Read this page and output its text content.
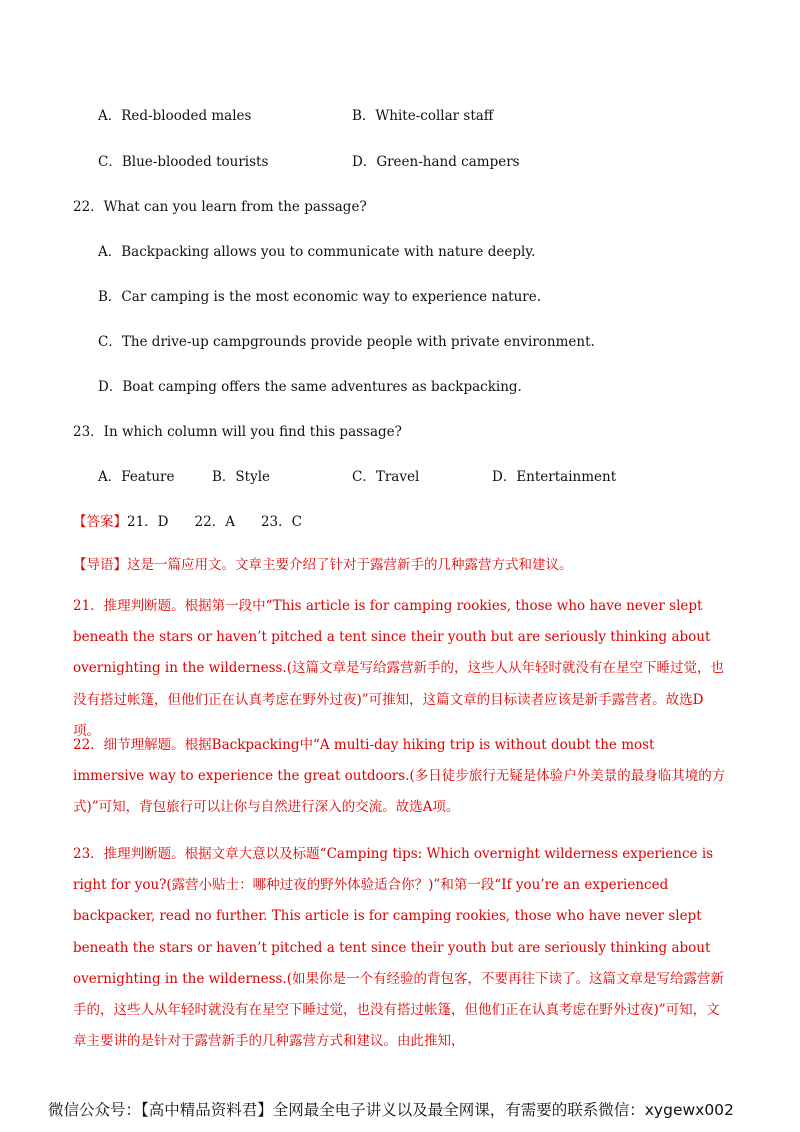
A．Red-blooded males	B．White-collar staff
C．Blue-blooded tourists	D．Green-hand campers
22．What can you learn from the passage?
A．Backpacking allows you to communicate with nature deeply.
B．Car camping is the most economic way to experience nature.
C．The drive-up campgrounds provide people with private environment.
D．Boat camping offers the same adventures as backpacking.
23．In which column will you find this passage?
A．Feature	B．Style	C．Travel	D．Entertainment
【答案】21．D 22．A 23．C
【导语】这是一篇应用文。文章主要介绍了针对于露营新手的几种露营方式和建议。
21．推理判断题。根据第一段中“This article is for camping rookies, those who have never slept beneath the stars or haven’t pitched a tent since their youth but are seriously thinking about overnighting in the wilderness.(这篇文章是写给露营新手的，这些人从年轻时就没有在星空下睡过觉，也没有搭过帐篷，但他们正在认真考虑在野外过夜)”可推知，这篇文章的目标读者应该是新手露营者。故选D项。
22．细节理解题。根据Backpacking中“A multi-day hiking trip is without doubt the most immersive way to experience the great outdoors.(多日徒步旅行无疑是体验户外美景的最身临其境的方式)”可知，背包旅行可以让你与自然进行深入的交流。故选A项。
23．推理判断题。根据文章大意以及标题“Camping tips: Which overnight wilderness experience is right for you?(露营小贴士：哪种过夜的野外体验适合你？)”和第一段“If you’re an experienced backpacker, read no further. This article is for camping rookies, those who have never slept beneath the stars or haven’t pitched a tent since their youth but are seriously thinking about overnighting in the wilderness.(如果你是一个有经验的背包客，不要再往下读了。这篇文章是写给露营新手的，这些人从年轻时就没有在星空下睡过觉，也没有搭过帐篷，但他们正在认真考虑在野外过夜)”可知，文章主要讲的是针对于露营新手的几种露营方式和建议。由此推知，
微信公众号：【高中精品资料君】全网最全电子讲义以及最全网课，有需要的联系微信：xygewx002
